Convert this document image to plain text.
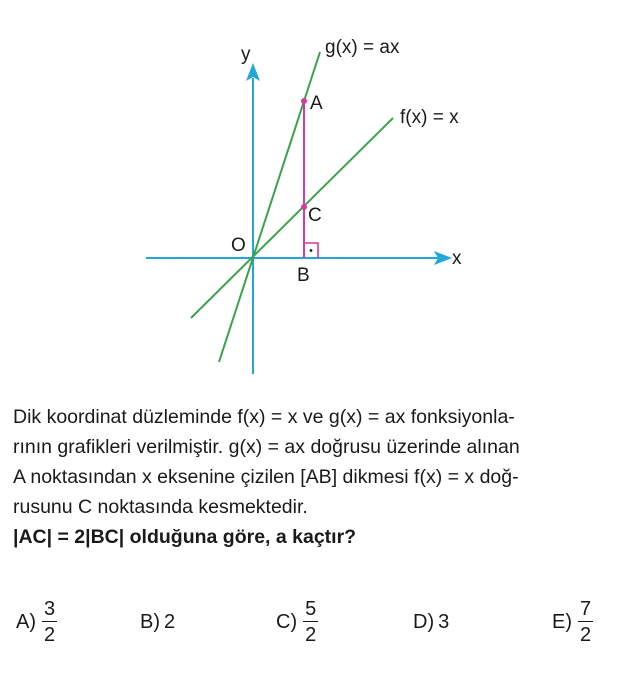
y
x
O
g(x) = ax
f(x) = x
A
C
B

Dik koordinat düzleminde f(x) = x ve g(x) = ax fonksiyonla-

rının grafikleri verilmiştir. g(x) = ax doğrusu üzerinde alınan

A noktasından x eksenine çizilen [AB] dikmesi f(x) = x doğ-

rusunu C noktasında kesmektedir.

|AC| = 2|BC| olduğuna göre, a kaçtır?

$A) \frac{3}{2}$	B) 2	$C) \frac{5}{2}$	D) 3	$E) \frac{7}{2}$
